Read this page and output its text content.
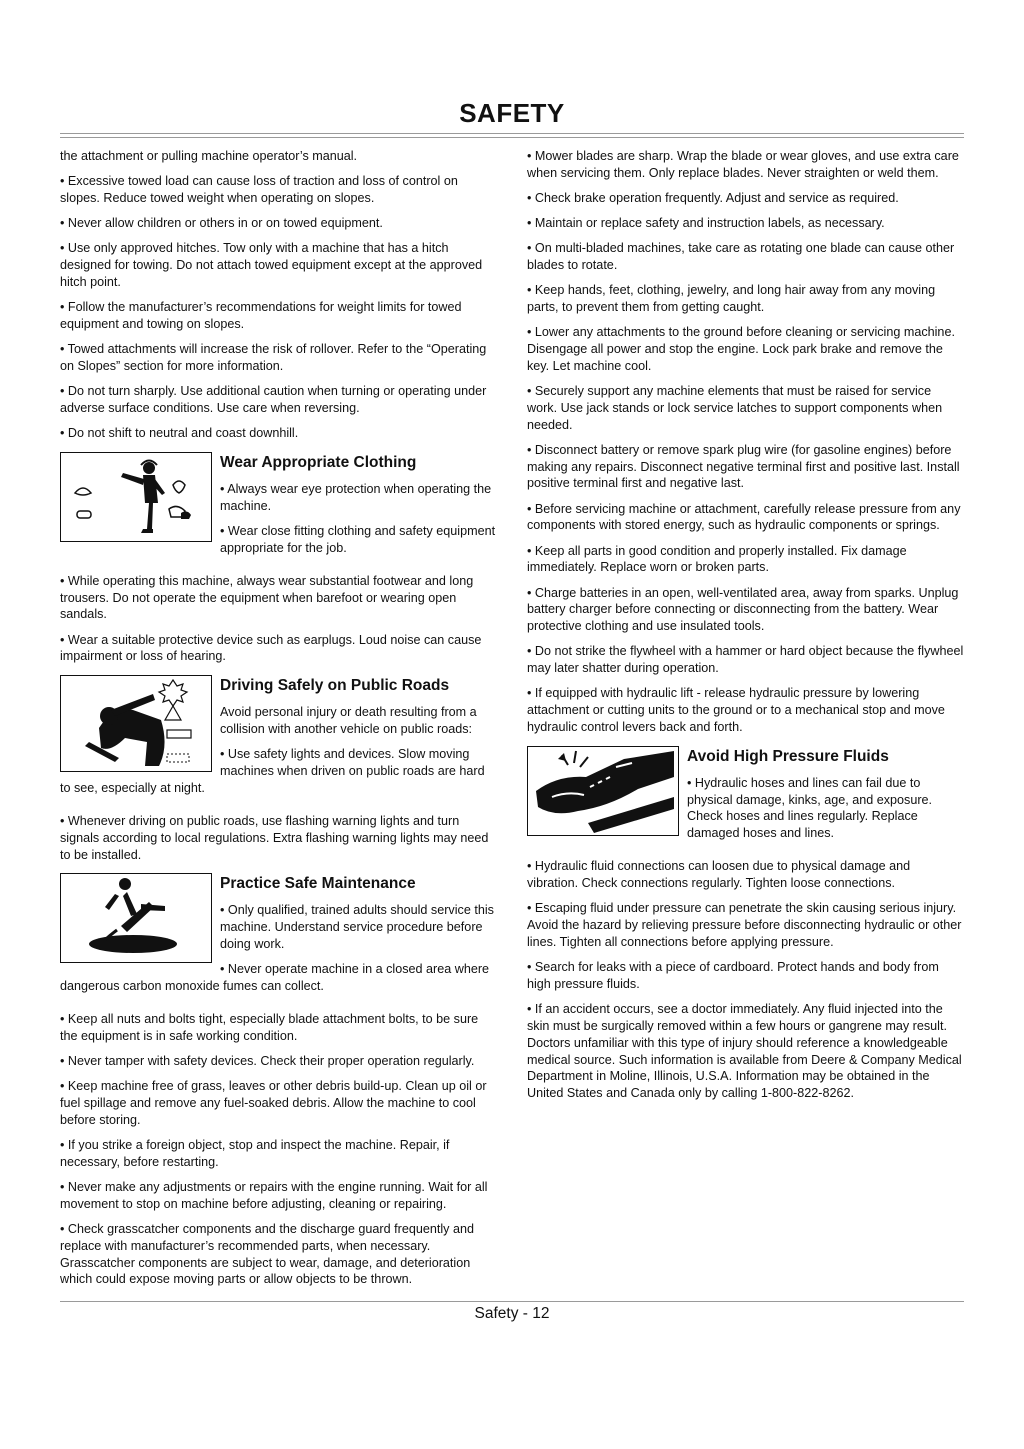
SAFETY

the attachment or pulling machine operator’s manual.

• Excessive towed load can cause loss of traction and loss of control on slopes. Reduce towed weight when operating on slopes.

• Never allow children or others in or on towed equipment.

• Use only approved hitches. Tow only with a machine that has a hitch designed for towing. Do not attach towed equipment except at the approved hitch point.

• Follow the manufacturer’s recommendations for weight limits for towed equipment and towing on slopes.

• Towed attachments will increase the risk of rollover. Refer to the “Operating on Slopes” section for more information.

• Do not turn sharply. Use additional caution when turning or operating under adverse surface conditions. Use care when reversing.

• Do not shift to neutral and coast downhill.

Wear Appropriate Clothing

• Always wear eye protection when operating the machine.

• Wear close fitting clothing and safety equipment appropriate for the job.

• While operating this machine, always wear substantial footwear and long trousers. Do not operate the equipment when barefoot or wearing open sandals.

• Wear a suitable protective device such as earplugs. Loud noise can cause impairment or loss of hearing.

Driving Safely on Public Roads

Avoid personal injury or death resulting from a collision with another vehicle on public roads:

• Use safety lights and devices. Slow moving machines when driven on public roads are hard to see, especially at night.

• Whenever driving on public roads, use flashing warning lights and turn signals according to local regulations. Extra flashing warning lights may need to be installed.

Practice Safe Maintenance

• Only qualified, trained adults should service this machine. Understand service procedure before doing work.

• Never operate machine in a closed area where dangerous carbon monoxide fumes can collect.

• Keep all nuts and bolts tight, especially blade attachment bolts, to be sure the equipment is in safe working condition.

• Never tamper with safety devices. Check their proper operation regularly.

• Keep machine free of grass, leaves or other debris build-up. Clean up oil or fuel spillage and remove any fuel-soaked debris. Allow the machine to cool before storing.

• If you strike a foreign object, stop and inspect the machine. Repair, if necessary, before restarting.

• Never make any adjustments or repairs with the engine running. Wait for all movement to stop on machine before adjusting, cleaning or repairing.

• Check grasscatcher components and the discharge guard frequently and replace with manufacturer’s recommended parts, when necessary. Grasscatcher components are subject to wear, damage, and deterioration which could expose moving parts or allow objects to be thrown.

• Mower blades are sharp. Wrap the blade or wear gloves, and use extra care when servicing them. Only replace blades. Never straighten or weld them.

• Check brake operation frequently. Adjust and service as required.

• Maintain or replace safety and instruction labels, as necessary.

• On multi-bladed machines, take care as rotating one blade can cause other blades to rotate.

• Keep hands, feet, clothing, jewelry, and long hair away from any moving parts, to prevent them from getting caught.

• Lower any attachments to the ground before cleaning or servicing machine. Disengage all power and stop the engine. Lock park brake and remove the key. Let machine cool.

• Securely support any machine elements that must be raised for service work. Use jack stands or lock service latches to support components when needed.

• Disconnect battery or remove spark plug wire (for gasoline engines) before making any repairs. Disconnect negative terminal first and positive last. Install positive terminal first and negative last.

• Before servicing machine or attachment, carefully release pressure from any components with stored energy, such as hydraulic components or springs.

• Keep all parts in good condition and properly installed. Fix damage immediately. Replace worn or broken parts.

• Charge batteries in an open, well-ventilated area, away from sparks. Unplug battery charger before connecting or disconnecting from the battery. Wear protective clothing and use insulated tools.

• Do not strike the flywheel with a hammer or hard object because the flywheel may later shatter during operation.

• If equipped with hydraulic lift - release hydraulic pressure by lowering attachment or cutting units to the ground or to a mechanical stop and move hydraulic control levers back and forth.

Avoid High Pressure Fluids

• Hydraulic hoses and lines can fail due to physical damage, kinks, age, and exposure. Check hoses and lines regularly. Replace damaged hoses and lines.

• Hydraulic fluid connections can loosen due to physical damage and vibration. Check connections regularly. Tighten loose connections.

• Escaping fluid under pressure can penetrate the skin causing serious injury. Avoid the hazard by relieving pressure before disconnecting hydraulic or other lines. Tighten all connections before applying pressure.

• Search for leaks with a piece of cardboard. Protect hands and body from high pressure fluids.

• If an accident occurs, see a doctor immediately. Any fluid injected into the skin must be surgically removed within a few hours or gangrene may result. Doctors unfamiliar with this type of injury should reference a knowledgeable medical source. Such information is available from Deere & Company Medical Department in Moline, Illinois, U.S.A. Information may be obtained in the United States and Canada only by calling 1-800-822-8262.

Safety - 12
